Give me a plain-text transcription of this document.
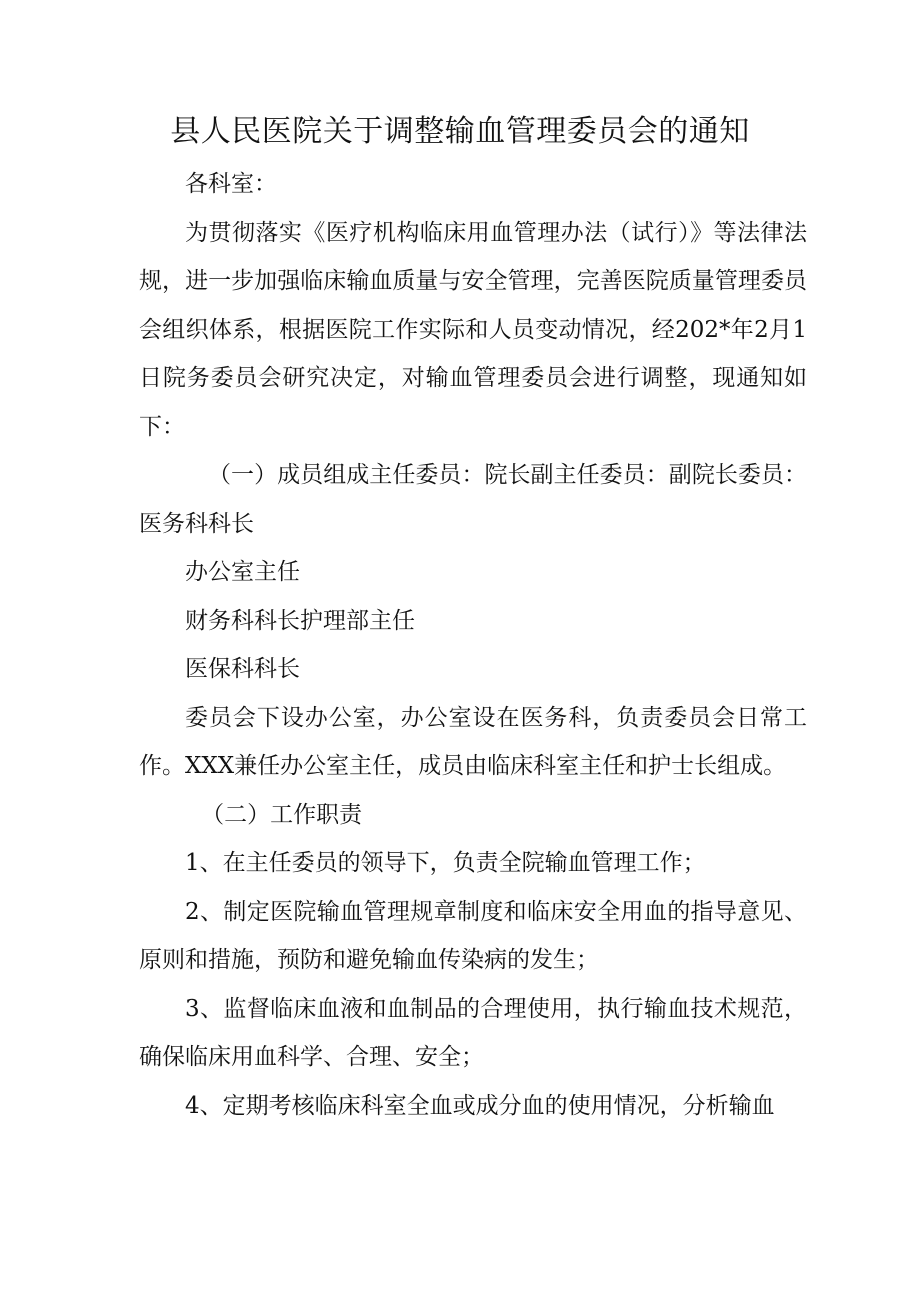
县人民医院关于调整输血管理委员会的通知

各科室：

为贯彻落实《医疗机构临床用血管理办法（试行）》等法律法规，进一步加强临床输血质量与安全管理，完善医院质量管理委员会组织体系，根据医院工作实际和人员变动情况，经202*年2月1日院务委员会研究决定，对输血管理委员会进行调整，现通知如下：

（一）成员组成主任委员：院长副主任委员：副院长委员：医务科科长

办公室主任

财务科科长护理部主任

医保科科长

委员会下设办公室，办公室设在医务科，负责委员会日常工作。XXX兼任办公室主任，成员由临床科室主任和护士长组成。

（二）工作职责

1、在主任委员的领导下，负责全院输血管理工作；

2、制定医院输血管理规章制度和临床安全用血的指导意见、原则和措施，预防和避免输血传染病的发生；

3、监督临床血液和血制品的合理使用，执行输血技术规范，确保临床用血科学、合理、安全；

4、定期考核临床科室全血或成分血的使用情况，分析输血
